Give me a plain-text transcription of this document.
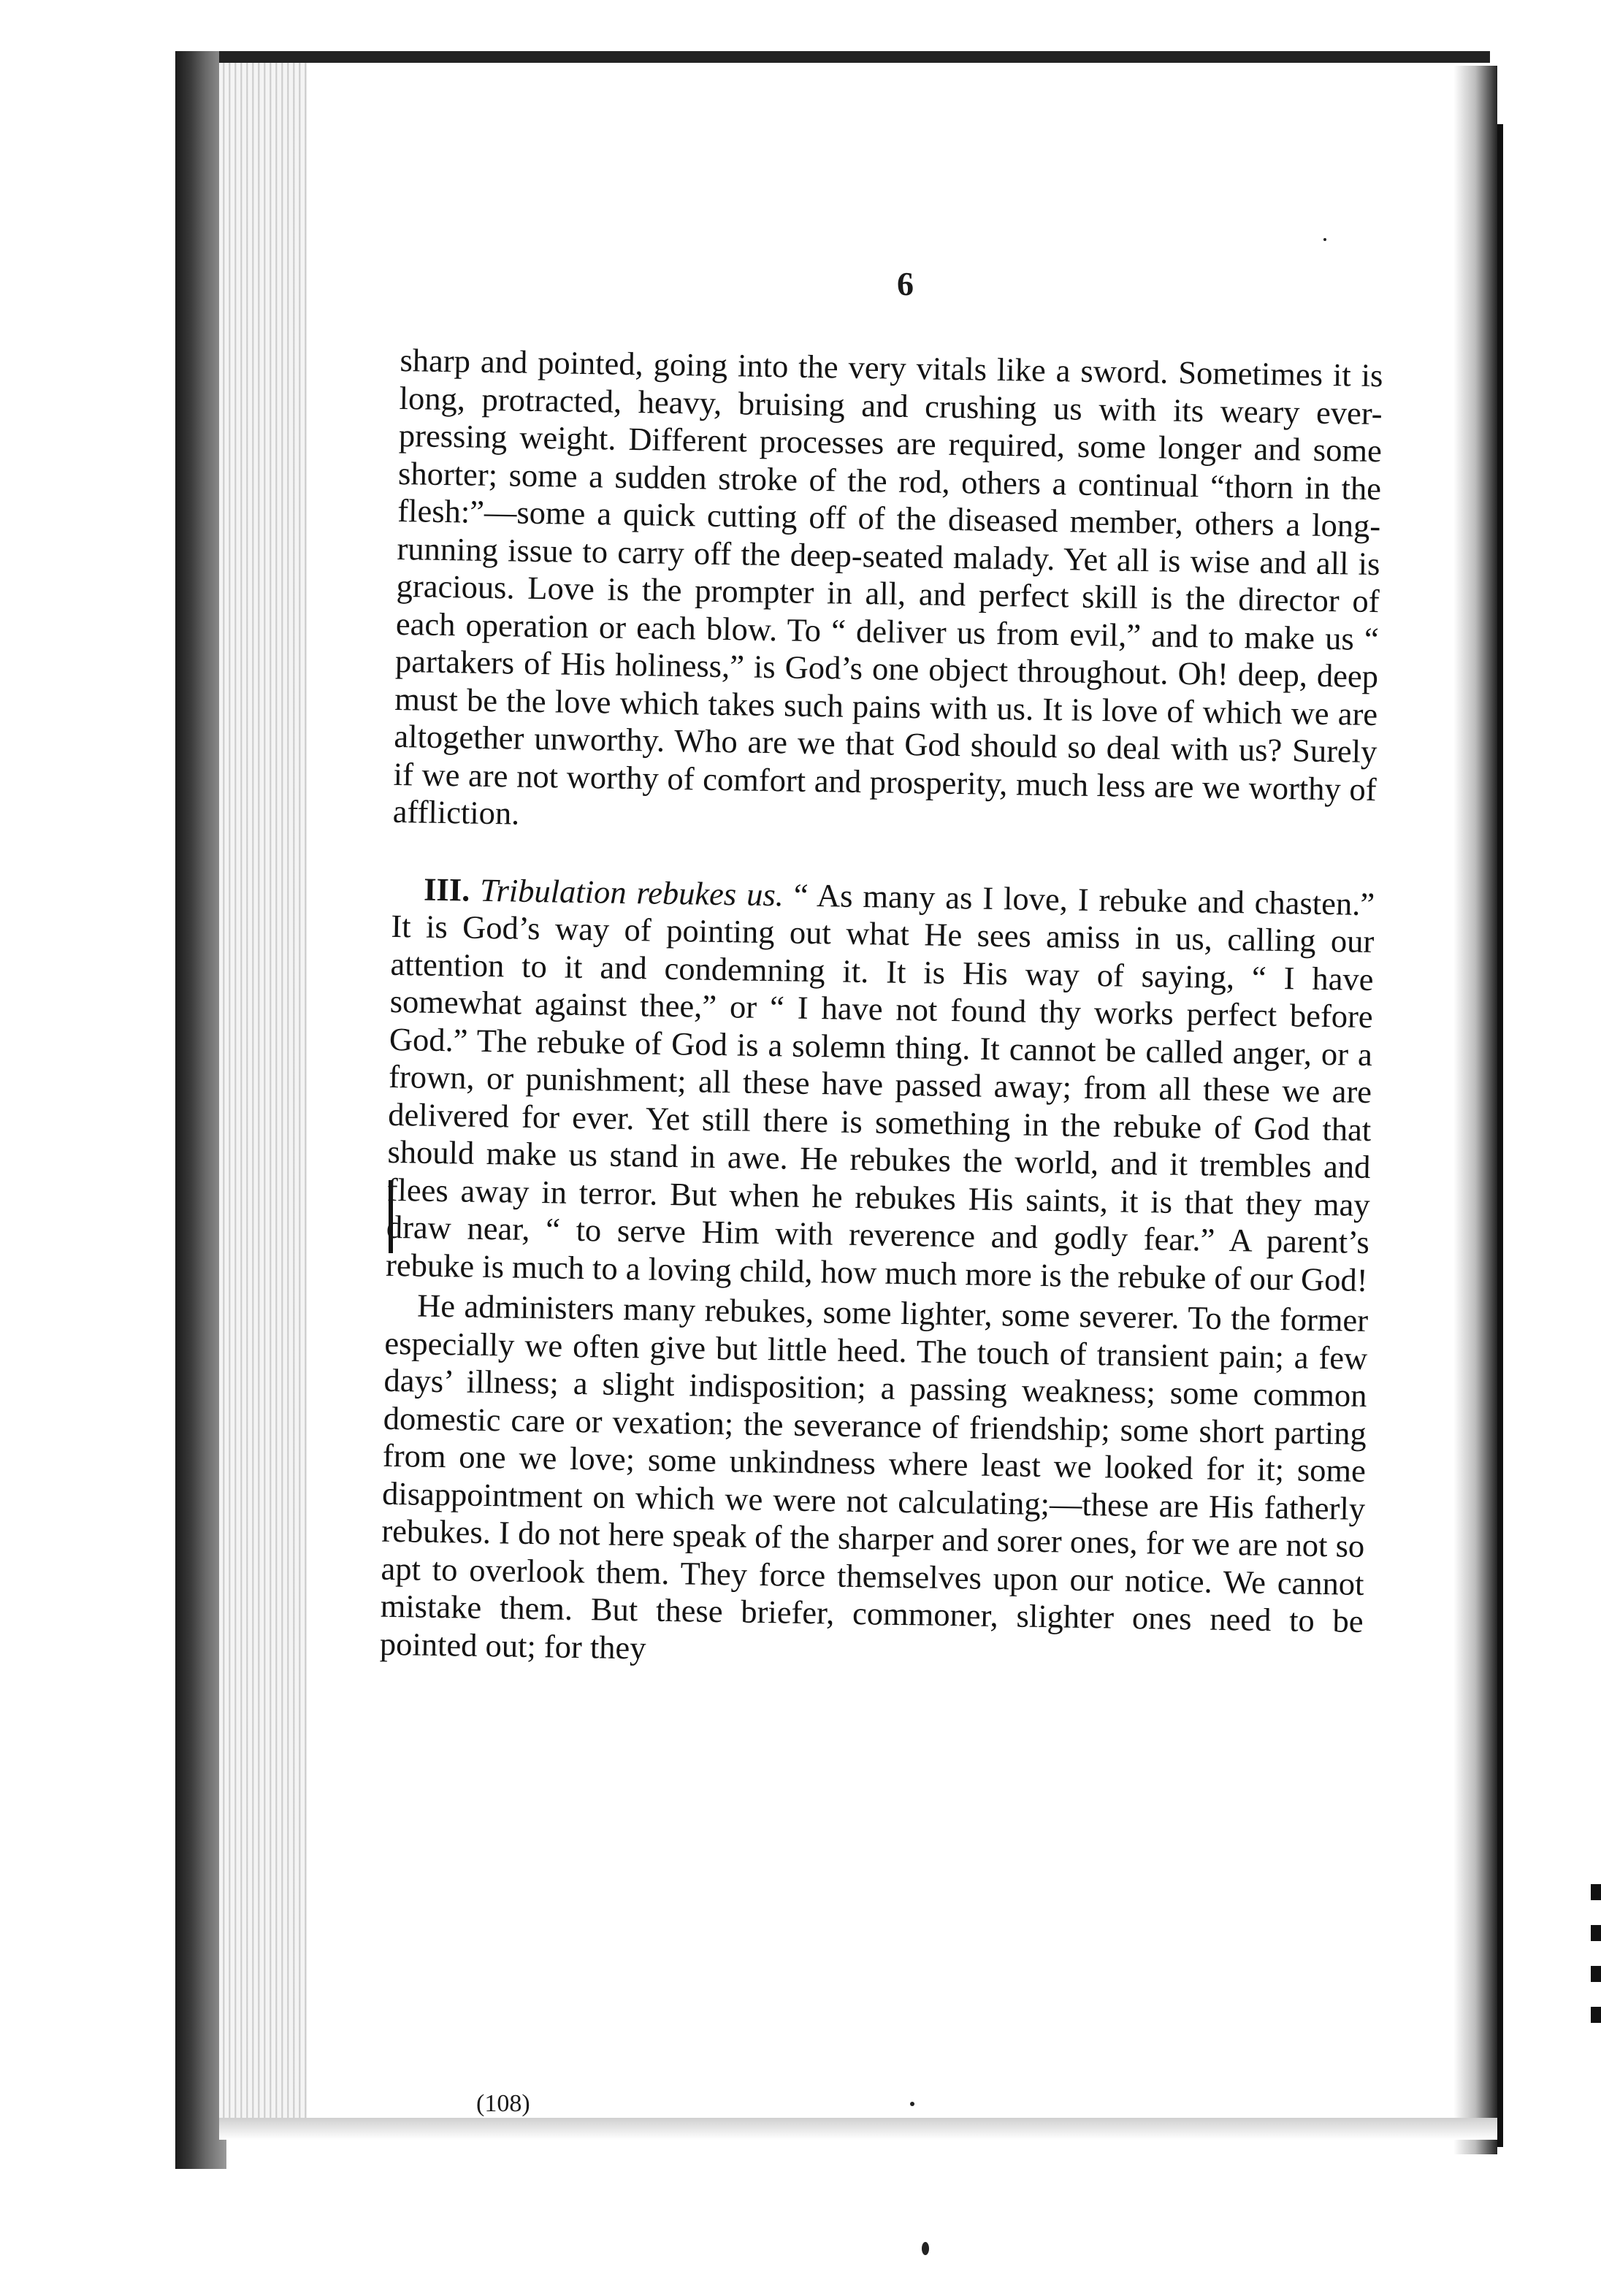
6

sharp and pointed, going into the very vitals like a sword. Sometimes it is long, protracted, heavy, bruising and crushing us with its weary ever-pressing weight. Different processes are required, some longer and some shorter; some a sudden stroke of the rod, others a continual “thorn in the flesh:”—some a quick cutting off of the diseased member, others a long-running issue to carry off the deep-seated malady. Yet all is wise and all is gracious. Love is the prompter in all, and perfect skill is the director of each operation or each blow. To “ deliver us from evil,” and to make us “ partakers of His holiness,” is God’s one object throughout. Oh! deep, deep must be the love which takes such pains with us. It is love of which we are altogether unworthy. Who are we that God should so deal with us? Surely if we are not worthy of comfort and prosperity, much less are we worthy of affliction.

III. Tribulation rebukes us. “ As many as I love, I rebuke and chasten.” It is God’s way of pointing out what He sees amiss in us, calling our attention to it and condemning it. It is His way of saying, “ I have somewhat against thee,” or “ I have not found thy works perfect before God.” The rebuke of God is a solemn thing. It cannot be called anger, or a frown, or punishment; all these have passed away; from all these we are delivered for ever. Yet still there is something in the rebuke of God that should make us stand in awe. He rebukes the world, and it trembles and flees away in terror. But when he rebukes His saints, it is that they may draw near, “ to serve Him with reverence and godly fear.” A parent’s rebuke is much to a loving child, how much more is the rebuke of our God!

He administers many rebukes, some lighter, some severer. To the former especially we often give but little heed. The touch of transient pain; a few days’ illness; a slight indisposition; a passing weakness; some common domestic care or vexation; the severance of friendship; some short parting from one we love; some unkindness where least we looked for it; some disappointment on which we were not calculating;—these are His fatherly rebukes. I do not here speak of the sharper and sorer ones, for we are not so apt to overlook them. They force themselves upon our notice. We cannot mistake them. But these briefer, commoner, slighter ones need to be pointed out; for they

(108)
